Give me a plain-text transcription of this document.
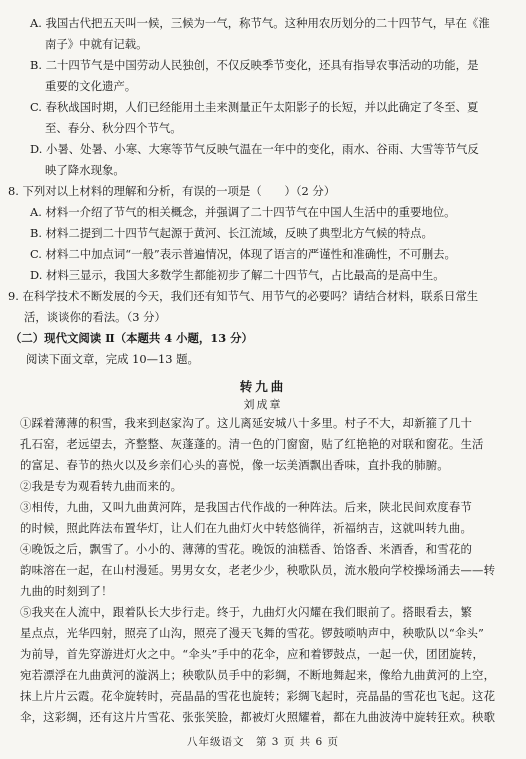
A. 我国古代把五天叫一候，三候为一气，称节气。这种用农历划分的二十四节气，早在《淮
南子》中就有记载。
B. 二十四节气是中国劳动人民独创，不仅反映季节变化，还具有指导农事活动的功能，是
重要的文化遗产。
C. 春秋战国时期，人们已经能用土圭来测量正午太阳影子的长短，并以此确定了冬至、夏
至、春分、秋分四个节气。
D. 小暑、处暑、小寒、大寒等节气反映气温在一年中的变化，雨水、谷雨、大雪等节气反
映了降水现象。
8. 下列对以上材料的理解和分析，有误的一项是（　　）（2 分）
A. 材料一介绍了节气的相关概念，并强调了二十四节气在中国人生活中的重要地位。
B. 材料二提到二十四节气起源于黄河、长江流域，反映了典型北方气候的特点。
C. 材料二中加点词“一般”表示普遍情况，体现了语言的严谨性和准确性，不可删去。
D. 材料三显示，我国大多数学生都能初步了解二十四节气，占比最高的是高中生。
9. 在科学技术不断发展的今天，我们还有知节气、用节气的必要吗？请结合材料，联系日常生
活，谈谈你的看法。（3 分）
（二）现代文阅读 Ⅱ（本题共 4 小题，13 分）
阅读下面文章，完成 10—13 题。
①踩着薄薄的积雪，我来到赵家沟了。这儿离延安城八十多里。村子不大，却新箍了几十
孔石窑，老远望去，齐整整、灰蓬蓬的。清一色的门窗窗，贴了红艳艳的对联和窗花。生活
的富足、春节的热火以及乡亲们心头的喜悦，像一坛美酒飘出香味，直扑我的肺腑。
②我是专为观看转九曲而来的。
③相传，九曲，又叫九曲黄河阵，是我国古代作战的一种阵法。后来，陕北民间欢度春节
的时候，照此阵法布置华灯，让人们在九曲灯火中转悠徜徉，祈福纳吉，这就叫转九曲。
④晚饭之后，飘雪了。小小的、薄薄的雪花。晚饭的油糕香、饴饹香、米酒香，和雪花的
韵味溶在一起，在山村漫延。男男女女，老老少少，秧歌队员，流水般向学校操场涌去——转
九曲的时刻到了！
⑤我夹在人流中，跟着队长大步行走。终于，九曲灯火闪耀在我们眼前了。搭眼看去，繁
星点点，光华四射，照亮了山沟，照亮了漫天飞舞的雪花。锣鼓唢呐声中，秧歌队以“伞头”
为前导，首先穿游进灯火之中。“伞头”手中的花伞，应和着锣鼓点，一起一伏，团团旋转，
宛若漂浮在九曲黄河的漩涡上；秧歌队员手中的彩绸，不断地舞起来，像给九曲黄河的上空，
抹上片片云霞。花伞旋转时，亮晶晶的雪花也旋转；彩绸飞起时，亮晶晶的雪花也飞起。这花
伞，这彩绸，还有这片片雪花、张张笑脸，都被灯火照耀着，都在九曲波涛中旋转狂欢。秧歌
转九曲
刘成章
八年级语文　第 3 页 共 6 页
